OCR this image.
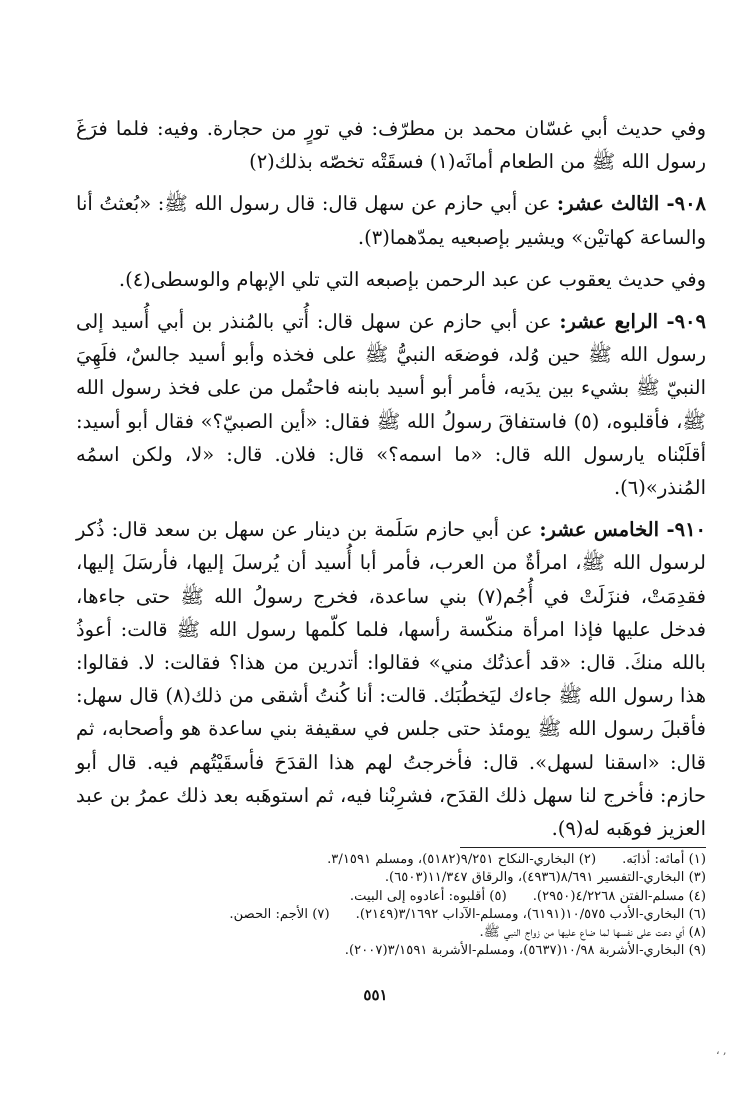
وفي حديث أبي غسّان محمد بن مطرّف: في تورٍ من حجارة. وفيه: فلما فرَغَ رسول الله ﷺ من الطعام أماثَه(١) فسقَتْه تخصّه بذلك(٢)

٩٠٨- الثالث عشر: عن أبي حازم عن سهل قال: قال رسول الله ﷺ: «بُعثتُ أنا والساعة كهاتيْن» ويشير بإصبعيه يمدّهما(٣).

وفي حديث يعقوب عن عبد الرحمن بإصبعه التي تلي الإبهام والوسطى(٤).

٩٠٩- الرابع عشر: عن أبي حازم عن سهل قال: أُتي بالمُنذر بن أبي أُسيد إلى رسول الله ﷺ حين وُلد، فوضعَه النبيُّ ﷺ على فخذه وأبو أسيد جالسٌ، فلَهِيَ النبيّ ﷺ بشيء بين يدَيه، فأمر أبو أسيد بابنه فاحتُمل من على فخذ رسول الله ﷺ، فأقلبوه، (٥) فاستفاقَ رسولُ الله ﷺ فقال: «أين الصبيّ؟» فقال أبو أسيد: أقلَبْناه يارسول الله قال: «ما اسمه؟» قال: فلان. قال: «لا، ولكن اسمُه المُنذر»(٦).

٩١٠- الخامس عشر: عن أبي حازم سَلَمة بن دينار عن سهل بن سعد قال: ذُكر لرسول الله ﷺ، امرأةٌ من العرب، فأمر أبا أُسيد أن يُرسلَ إليها، فأرسَلَ إليها، فقدِمَتْ، فنزَلَتْ في أُجُم(٧) بني ساعدة، فخرج رسولُ الله ﷺ حتى جاءها، فدخل عليها فإذا امرأة منكّسة رأسها، فلما كلّمها رسول الله ﷺ قالت: أعوذُ بالله منكَ. قال: «قد أعذتُك مني» فقالوا: أتدرين من هذا؟ فقالت: لا. فقالوا: هذا رسول الله ﷺ جاءك ليَخطُبَك. قالت: أنا كُنتُ أشقى من ذلك(٨) قال سهل: فأقبلَ رسول الله ﷺ يومئذ حتى جلس في سقيفة بني ساعدة هو وأصحابه، ثم قال: «اسقنا لسهل». قال: فأخرجتُ لهم هذا القدَحَ فأسقَيْتُهم فيه. قال أبو حازم: فأخرج لنا سهل ذلك القدَح، فشرِبْنا فيه، ثم استوهَبه بعد ذلك عمرُ بن عبد العزيز فوهَبه له(٩).

(١) أماثه: أذابَه.
(٢) البخاري-النكاح ٩/٢٥١(٥١٨٢)، ومسلم ٣/١٥٩١.
(٣) البخاري-التفسير ٨/٦٩١(٤٩٣٦)، والرقاق ١١/٣٤٧(٦٥٠٣).
(٤) مسلم-الفتن ٤/٢٢٦٨(٢٩٥٠).
(٥) أقلبوه: أعادوه إلى البيت.
(٦) البخاري-الأدب ١٠/٥٧٥(٦١٩١)، ومسلم-الآداب ٣/١٦٩٢(٢١٤٩).
(٧) الأجم: الحصن.
(٨) أي دعت على نفسها لما ضاع عليها من زواج النبي ﷺ.
(٩) البخاري-الأشربة ١٠/٩٨(٥٦٣٧)، ومسلم-الأشربة ٣/١٥٩١(٢٠٠٧).
٥٥١
، ,
